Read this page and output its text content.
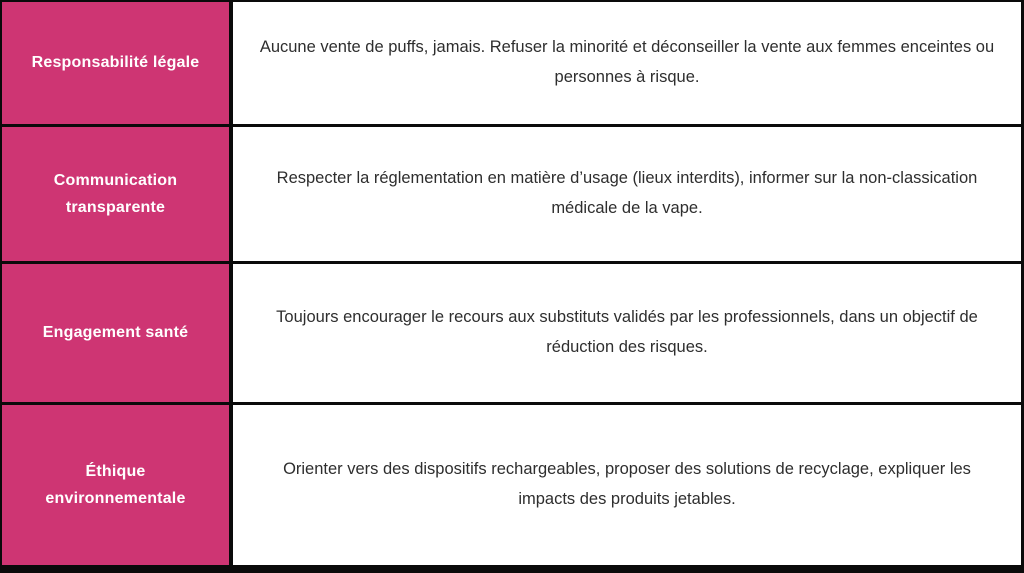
Responsabilité légale
Aucune vente de puffs, jamais. Refuser la minorité et déconseiller la vente aux femmes enceintes ou personnes à risque.
Communication transparente
Respecter la réglementation en matière d’usage (lieux interdits), informer sur la non-classication médicale de la vape.
Engagement santé
Toujours encourager le recours aux substituts validés par les professionnels, dans un objectif de réduction des risques.
Éthique environnementale
Orienter vers des dispositifs rechargeables, proposer des solutions de recyclage, expliquer les impacts des produits jetables.
